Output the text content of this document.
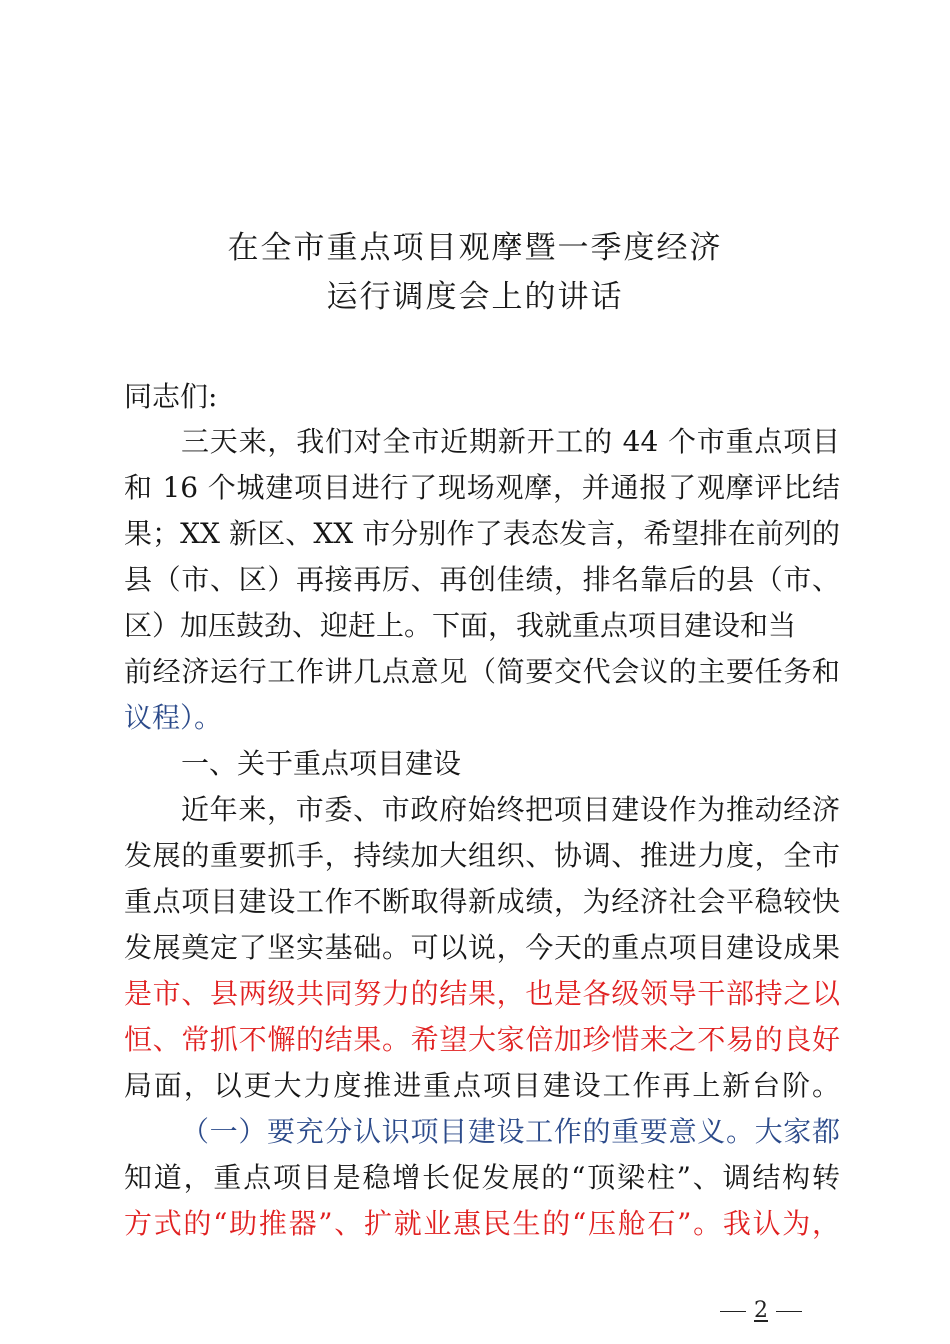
在全市重点项目观摩暨一季度经济
运行调度会上的讲话
同志们:
三天来，我们对全市近期新开工的 44 个市重点项目
和 16 个城建项目进行了现场观摩，并通报了观摩评比结
果；XX 新区、XX 市分别作了表态发言，希望排在前列的
县（市、区）再接再厉、再创佳绩，排名靠后的县（市、
区）加压鼓劲、迎赶上。下面，我就重点项目建设和当
前经济运行工作讲几点意见（简要交代会议的主要任务和
议程）。
一、关于重点项目建设
近年来，市委、市政府始终把项目建设作为推动经济
发展的重要抓手，持续加大组织、协调、推进力度，全市
重点项目建设工作不断取得新成绩，为经济社会平稳较快
发展奠定了坚实基础。可以说，今天的重点项目建设成果
是市、县两级共同努力的结果，也是各级领导干部持之以
恒、常抓不懈的结果。希望大家倍加珍惜来之不易的良好
局面，以更大力度推进重点项目建设工作再上新台阶。
（一）要充分认识项目建设工作的重要意义。大家都
知道，重点项目是稳增长促发展的“顶梁柱”、调结构转
方式的“助推器”、扩就业惠民生的“压舱石”。我认为，
2
